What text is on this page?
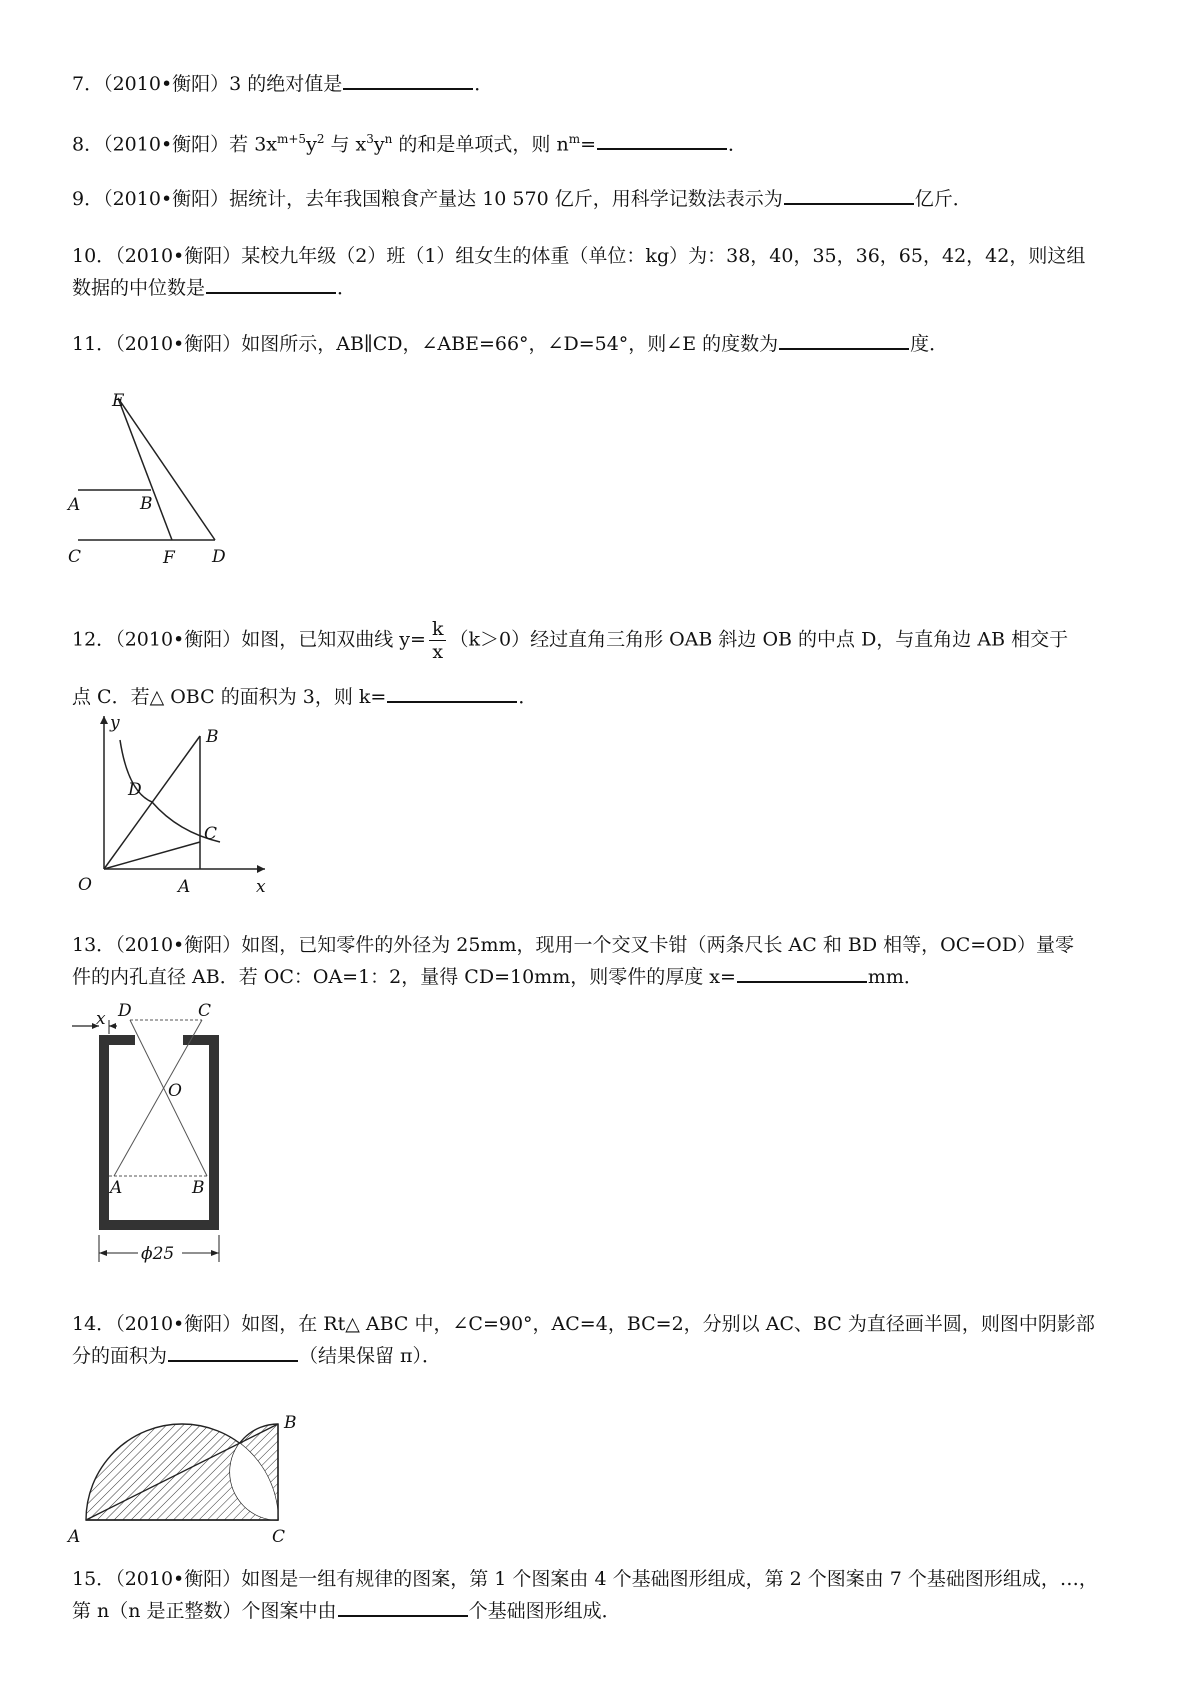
7．（2010•衡阳）3 的绝对值是	．
8．（2010•衡阳）若 $3x^{m+5}y^2$ 与 $x^3y^n$ 的和是单项式，则 $n^m=$	．
9．（2010•衡阳）据统计，去年我国粮食产量达 10 570 亿斤，用科学记数法表示为	亿斤．
10．（2010•衡阳）某校九年级（2）班（1）组女生的体重（单位：kg）为：38，40，35，36，65，42，42，则这组
数据的中位数是	．
11．（2010•衡阳）如图所示，AB∥CD，∠ABE=66°，∠D=54°，则∠E 的度数为	度．
E
A	B
C	F D
12．（2010•衡阳）如图，已知双曲线 $y= \frac{k}{x} (k>0)$经过直角三角形 OAB 斜边 OB 的中点 D，与直角边 AB 相交于
点 C．若△ OBC 的面积为 3，则 k=	．
y
B
D
C
O	A	x
13．（2010•衡阳）如图，已知零件的外径为 25mm，现用一个交叉卡钳（两条尺长 AC 和 BD 相等，OC=OD）量零
件的内孔直径 AB．若 OC：OA=1：2，量得 CD=10mm，则零件的厚度 x=	mm．
D	C
x
O
A	B
ϕ25
14．（2010•衡阳）如图，在 Rt△ ABC 中，∠C=90°，AC=4，BC=2，分别以 AC、BC 为直径画半圆，则图中阴影部
分的面积为	（结果保留 π）．
A
B
C
15．（2010•衡阳）如图是一组有规律的图案，第 1 个图案由 4 个基础图形组成，第 2 个图案由 7 个基础图形组成，…，
第 n（n 是正整数）个图案中由	个基础图形组成．
